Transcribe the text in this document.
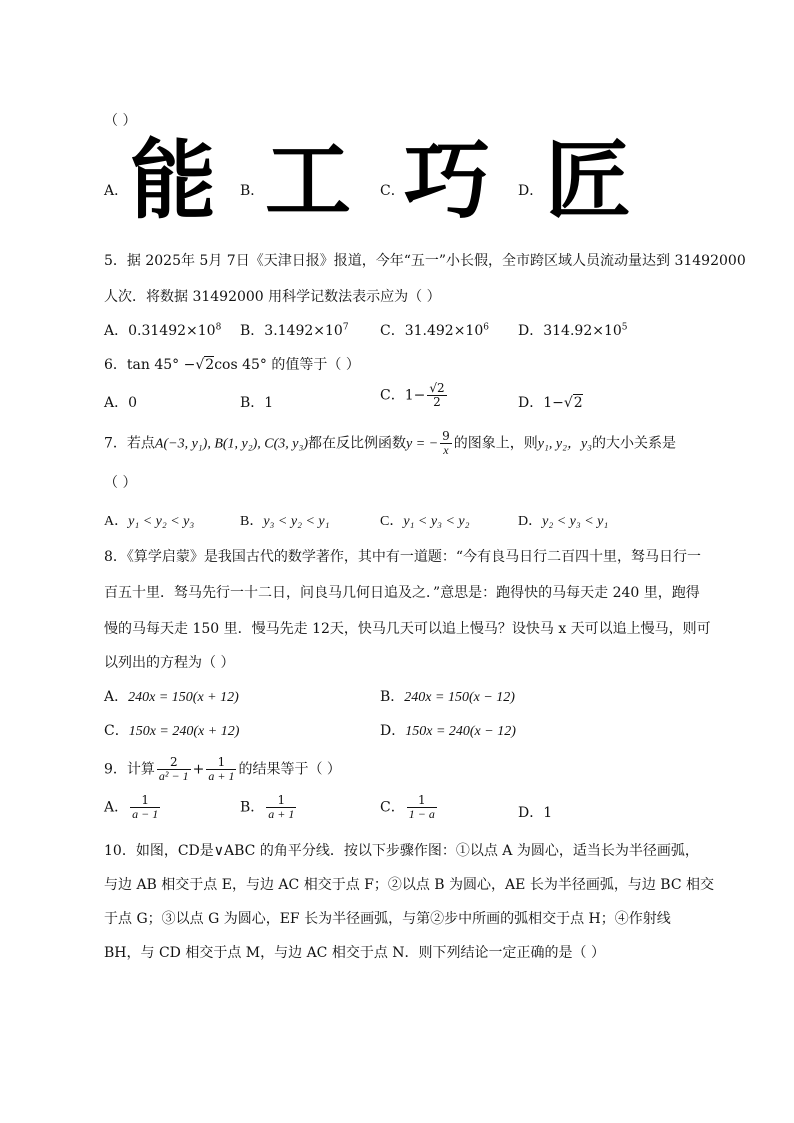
（ ）
A． 能 B． 工 C． 巧 D． 匠
5．据 2025年 5月 7日《天津日报》报道，今年“五一”小长假，全市跨区域人员流动量达到 31492000
人次．将数据 31492000 用科学记数法表示应为（ ）
A．$0.31492\times 10^8$ B．$3.1492\times 10^7$ C．$31.492\times 10^6$ D．$314.92\times 10^5$
6．tan 45° −√2cos 45° 的值等于（ ）
A．0	B．1	C．$1- \frac{√2}{2}$	D．1−√2
7．若点A(−3, y₁), B(1, y₂), C(3, y₃)都在反比例函数y = − $\frac{9}{x}$ 的图象上，则y₁, y₂，y₃的大小关系是
（ ）
A．y₁ < y₂ < y₃	B．y₃ < y₂ < y₁	C．y₁ < y₃ < y₂	D．y₂ < y₃ < y₁
8．《算学启蒙》是我国古代的数学著作，其中有一道题：“今有良马日行二百四十里，驽马日行一
百五十里．驽马先行一十二日，问良马几何日追及之．”意思是：跑得快的马每天走 240 里，跑得
慢的马每天走 150 里．慢马先走 12天，快马几天可以追上慢马？设快马 x 天可以追上慢马，则可
以列出的方程为（ ）
A．240x = 150(x + 12)	B．240x = 150(x − 12)
C．150x = 240(x + 12)	D．150x = 240(x − 12)
9．计算 $\frac{2}{\text{a² − 1}} + \frac{1}{a + 1}$ 的结果等于（ ）
A． $\frac{1}{a - 1}$	B． $\frac{1}{a + 1}$	C． $\frac{1}{1 - a}$	D．1
10．如图，CD是∨ABC 的角平分线．按以下步骤作图：①以点 A 为圆心，适当长为半径画弧，
与边 AB 相交于点 E，与边 AC 相交于点 F；②以点 B 为圆心，AE 长为半径画弧，与边 BC 相交
于点 G；③以点 G 为圆心，EF 长为半径画弧，与第②步中所画的弧相交于点 H；④作射线
BH，与 CD 相交于点 M，与边 AC 相交于点 N．则下列结论一定正确的是（ ）
